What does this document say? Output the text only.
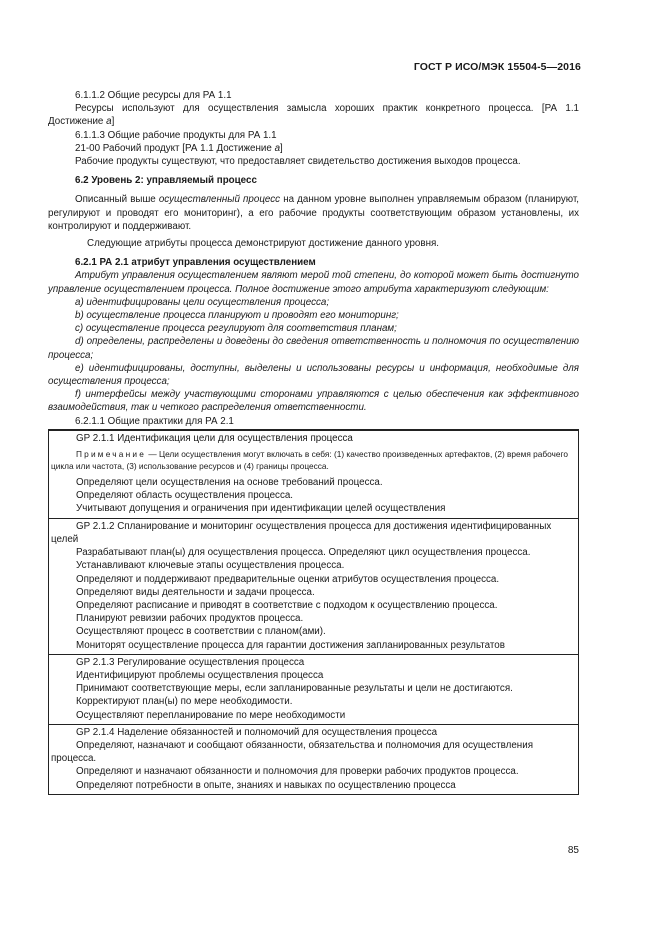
ГОСТ Р ИСО/МЭК 15504-5—2016
6.1.1.2 Общие ресурсы для РА 1.1
Ресурсы используют для осуществления замысла хороших практик конкретного процесса. [РА 1.1 Достижение а]
6.1.1.3 Общие рабочие продукты для РА 1.1
21-00 Рабочий продукт [РА 1.1 Достижение а]
Рабочие продукты существуют, что предоставляет свидетельство достижения выходов процесса.
6.2 Уровень 2: управляемый процесс
Описанный выше осуществленный процесс на данном уровне выполнен управляемым образом (планируют, регулируют и проводят его мониторинг), а его рабочие продукты соответствующим образом установлены, их контролируют и поддерживают.
Следующие атрибуты процесса демонстрируют достижение данного уровня.
6.2.1 РА 2.1 атрибут управления осуществлением
Атрибут управления осуществлением являют мерой той степени, до которой может быть достигнуто управление осуществлением процесса. Полное достижение этого атрибута характеризуют следующим:
a) идентифицированы цели осуществления процесса;
b) осуществление процесса планируют и проводят его мониторинг;
c) осуществление процесса регулируют для соответствия планам;
d) определены, распределены и доведены до сведения ответственность и полномочия по осуществлению процесса;
e) идентифицированы, доступны, выделены и использованы ресурсы и информация, необходимые для осуществления процесса;
f) интерфейсы между участвующими сторонами управляются с целью обеспечения как эффективного взаимодействия, так и четкого распределения ответственности.
6.2.1.1 Общие практики для РА 2.1
GP 2.1.1 Идентификация цели для осуществления процесса
Примечание — Цели осуществления могут включать в себя: (1) качество произведенных артефактов, (2) время рабочего цикла или частота, (3) использование ресурсов и (4) границы процесса.
Определяют цели осуществления на основе требований процесса.
Определяют область осуществления процесса.
Учитывают допущения и ограничения при идентификации целей осуществления
GP 2.1.2 Спланирование и мониторинг осуществления процесса для достижения идентифицированных целей
Разрабатывают план(ы) для осуществления процесса. Определяют цикл осуществления процесса.
Устанавливают ключевые этапы осуществления процесса.
Определяют и поддерживают предварительные оценки атрибутов осуществления процесса.
Определяют виды деятельности и задачи процесса.
Определяют расписание и приводят в соответствие с подходом к осуществлению процесса.
Планируют ревизии рабочих продуктов процесса.
Осуществляют процесс в соответствии с планом(ами).
Мониторят осуществление процесса для гарантии достижения запланированных результатов
GP 2.1.3 Регулирование осуществления процесса
Идентифицируют проблемы осуществления процесса
Принимают соответствующие меры, если запланированные результаты и цели не достигаются.
Корректируют план(ы) по мере необходимости.
Осуществляют перепланирование по мере необходимости
GP 2.1.4 Наделение обязанностей и полномочий для осуществления процесса
Определяют, назначают и сообщают обязанности, обязательства и полномочия для осуществления процесса.
Определяют и назначают обязанности и полномочия для проверки рабочих продуктов процесса.
Определяют потребности в опыте, знаниях и навыках по осуществлению процесса
85
